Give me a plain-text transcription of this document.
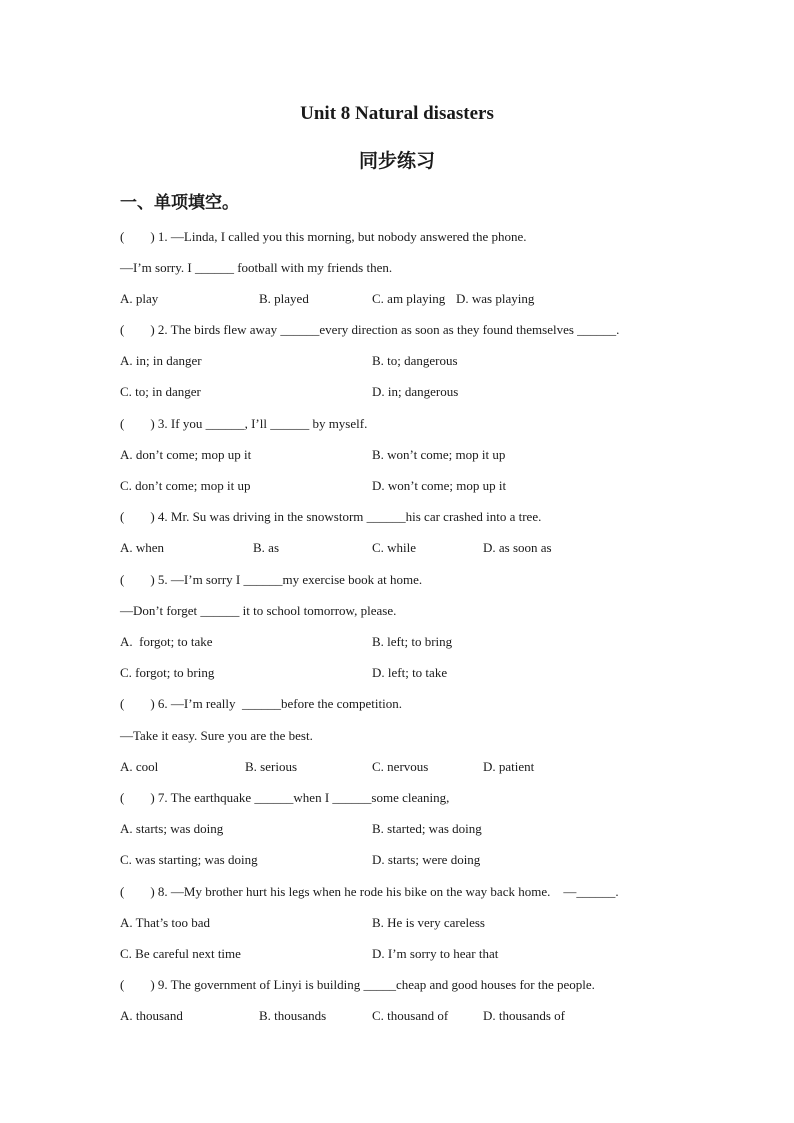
Unit 8 Natural disasters
同步练习
一、单项填空。
(        ) 1. —Linda, I called you this morning, but nobody answered the phone.
—I’m sorry. I ______ football with my friends then.
A. play	B. played	C. am playing D. was playing
(        ) 2. The birds flew away ______every direction as soon as they found themselves ______.
A. in; in danger	B. to; dangerous
C. to; in danger	D. in; dangerous
(        ) 3. If you ______, I’ll ______ by myself.
A. don’t come; mop up it	B. won’t come; mop it up
C. don’t come; mop it up	D. won’t come; mop up it
(        ) 4. Mr. Su was driving in the snowstorm ______his car crashed into a tree.
A. when	B. as	C. while	D. as soon as
(        ) 5. —I’m sorry I ______my exercise book at home.
—Don’t forget ______ it to school tomorrow, please.
A.  forgot; to take	B. left; to bring
C. forgot; to bring	D. left; to take
(        ) 6. —I’m really  ______before the competition.
—Take it easy. Sure you are the best.
A. cool	B. serious	C. nervous	D. patient
(        ) 7. The earthquake ______when I ______some cleaning,
A. starts; was doing	B. started; was doing
C. was starting; was doing	D. starts; were doing
(        ) 8. —My brother hurt his legs when he rode his bike on the way back home.    —______.
A. That’s too bad	B. He is very careless
C. Be careful next time	D. I’m sorry to hear that
(        ) 9. The government of Linyi is building _____cheap and good houses for the people.
A. thousand	B. thousands	C. thousand of	D. thousands of
